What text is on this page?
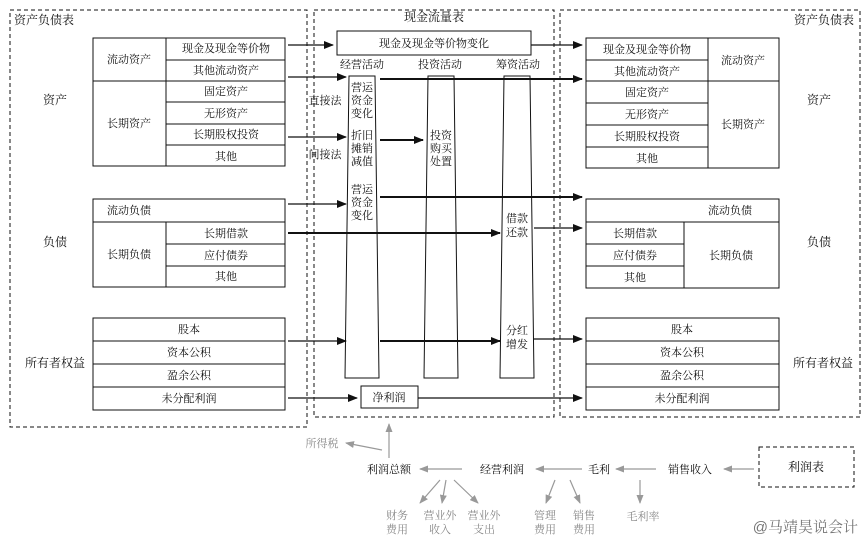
资产负债表	现金流量表	资产负债表
利润表
资产
负债
所有者权益
流动资产
长期资产
现金及现金等价物
其他流动资产
固定资产
无形资产
长期股权投资
其他
流动负债
长期负债
长期借款
应付债券
其他
股本
资本公积
盈余公积
未分配利润
现金及现金等价物变化
经营活动	投资活动	筹资活动
直接法
间接法
营运
资金
变化
折旧
摊销
减值
营运
资金
变化
投资
购买
处置
借款
还款
分红
增发
净利润
现金及现金等价物
其他流动资产
固定资产
无形资产
长期股权投资
其他
流动资产
长期资产
流动负债
长期借款
应付债券
其他
长期负债
股本
资本公积
盈余公积
未分配利润
资产
负债
所有者权益
所得税
利润总额	经营利润	毛利	销售收入
财务
费用
营业外
收入
营业外
支出
管理
费用
销售
费用
毛利率
@马靖昊说会计
